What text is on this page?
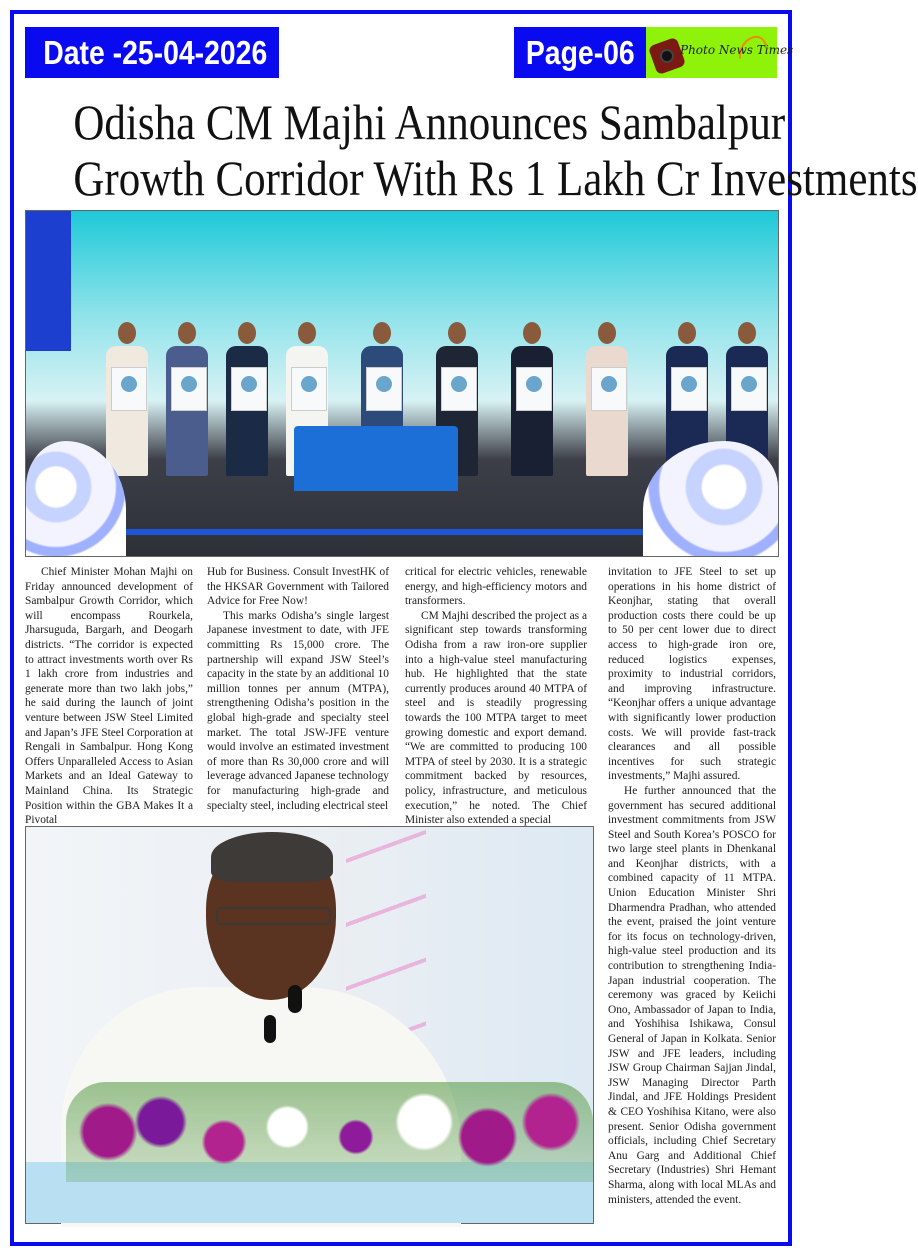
Date -25-04-2026	Page-06	Photo News Times
Odisha CM Majhi Announces Sambalpur
Growth Corridor With Rs 1 Lakh Cr Investments

Chief Minister Mohan Majhi on Friday announced development of Sambalpur Growth Corridor, which will encompass Rourkela, Jharsuguda, Bargarh, and Deogarh districts. “The corridor is expected to attract investments worth over Rs 1 lakh crore from industries and generate more than two lakh jobs,” he said during the launch of joint venture between JSW Steel Limited and Japan’s JFE Steel Corporation at Rengali in Sambalpur. Hong Kong Offers Unparalleled Access to Asian Markets and an Ideal Gateway to Mainland China. Its Strategic Position within the GBA Makes It a Pivotal

Hub for Business. Consult InvestHK of the HKSAR Government with Tailored Advice for Free Now!

This marks Odisha’s single largest Japanese investment to date, with JFE committing Rs 15,000 crore. The partnership will expand JSW Steel’s capacity in the state by an additional 10 million tonnes per annum (MTPA), strengthening Odisha’s position in the global high-grade and specialty steel market. The total JSW-JFE venture would involve an estimated investment of more than Rs 30,000 crore and will leverage advanced Japanese technology for manufacturing high-grade and specialty steel, including electrical steel

critical for electric vehicles, renewable energy, and high-efficiency motors and transformers.

CM Majhi described the project as a significant step towards transforming Odisha from a raw iron-ore supplier into a high-value steel manufacturing hub. He highlighted that the state currently produces around 40 MTPA of steel and is steadily progressing towards the 100 MTPA target to meet growing domestic and export demand. “We are committed to producing 100 MTPA of steel by 2030. It is a strategic commitment backed by resources, policy, infrastructure, and meticulous execution,” he noted. The Chief Minister also extended a special

invitation to JFE Steel to set up operations in his home district of Keonjhar, stating that overall production costs there could be up to 50 per cent lower due to direct access to high-grade iron ore, reduced logistics expenses, proximity to industrial corridors, and improving infrastructure. “Keonjhar offers a unique advantage with significantly lower production costs. We will provide fast-track clearances and all possible incentives for such strategic investments,” Majhi assured.

He further announced that the government has secured additional investment commitments from JSW Steel and South Korea’s POSCO for two large steel plants in Dhenkanal and Keonjhar districts, with a combined capacity of 11 MTPA. Union Education Minister Shri Dharmendra Pradhan, who attended the event, praised the joint venture for its focus on technology-driven, high-value steel production and its contribution to strengthening India-Japan industrial cooperation. The ceremony was graced by Keiichi Ono, Ambassador of Japan to India, and Yoshihisa Ishikawa, Consul General of Japan in Kolkata. Senior JSW and JFE leaders, including JSW Group Chairman Sajjan Jindal, JSW Managing Director Parth Jindal, and JFE Holdings President & CEO Yoshihisa Kitano, were also present. Senior Odisha government officials, including Chief Secretary Anu Garg and Additional Chief Secretary (Industries) Shri Hemant Sharma, along with local MLAs and ministers, attended the event.
